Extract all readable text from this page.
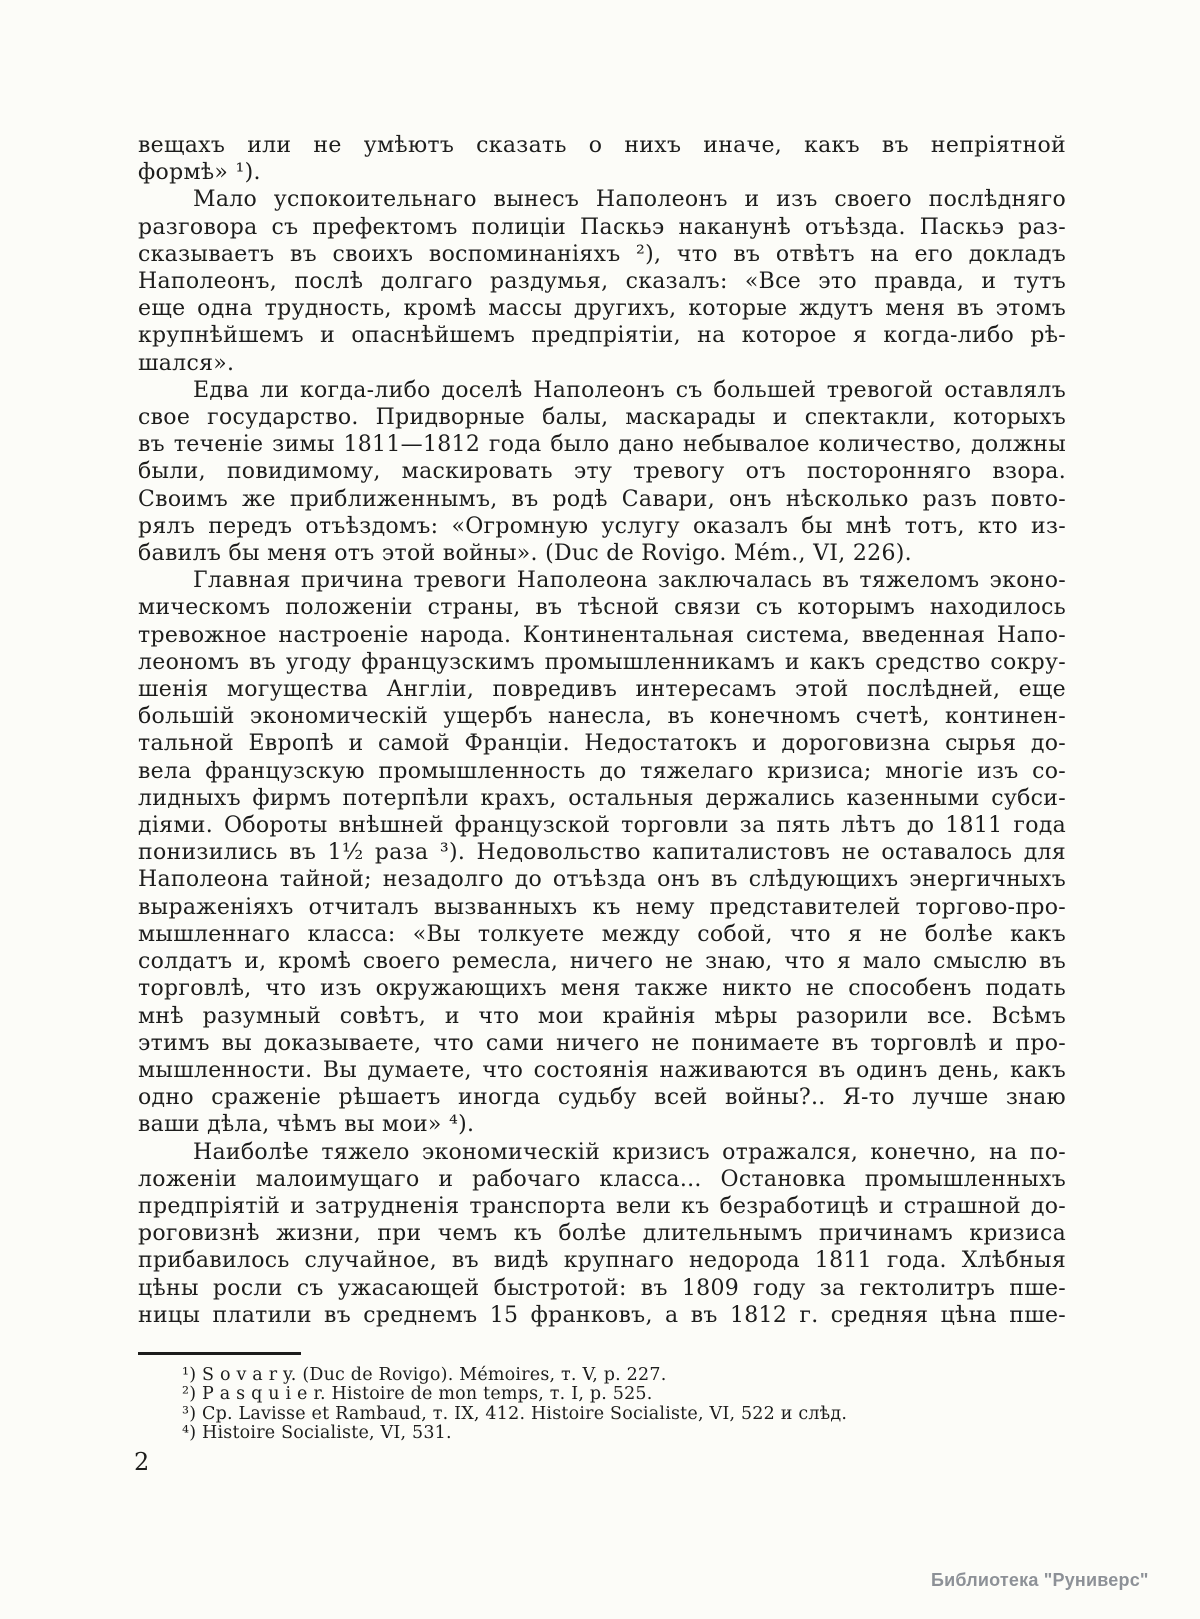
вещахъ или не умѣютъ сказать о нихъ иначе, какъ въ непріятной
формѣ» ¹).
Мало успокоительнаго вынесъ Наполеонъ и изъ своего послѣдняго
разговора съ префектомъ полиціи Паскьэ наканунѣ отъѣзда. Паскьэ раз-
сказываетъ въ своихъ воспоминаніяхъ ²), что въ отвѣтъ на его докладъ
Наполеонъ, послѣ долгаго раздумья, сказалъ: «Все это правда, и тутъ
еще одна трудность, кромѣ массы другихъ, которые ждутъ меня въ этомъ
крупнѣйшемъ и опаснѣйшемъ предпріятіи, на которое я когда-либо рѣ-
шался».
Едва ли когда-либо доселѣ Наполеонъ съ большей тревогой оставлялъ
свое государство. Придворные балы, маскарады и спектакли, которыхъ
въ теченіе зимы 1811—1812 года было дано небывалое количество, должны
были, повидимому, маскировать эту тревогу отъ посторонняго взора.
Своимъ же приближеннымъ, въ родѣ Савари, онъ нѣсколько разъ повто-
рялъ передъ отъѣздомъ: «Огромную услугу оказалъ бы мнѣ тотъ, кто из-
бавилъ бы меня отъ этой войны». (Duc de Rovigo. Mém., VI, 226).
Главная причина тревоги Наполеона заключалась въ тяжеломъ эконо-
мическомъ положеніи страны, въ тѣсной связи съ которымъ находилось
тревожное настроеніе народа. Континентальная система, введенная Напо-
леономъ въ угоду французскимъ промышленникамъ и какъ средство сокру-
шенія могущества Англіи, повредивъ интересамъ этой послѣдней, еще
большій экономическій ущербъ нанесла, въ конечномъ счетѣ, континен-
тальной Европѣ и самой Франціи. Недостатокъ и дороговизна сырья до-
вела французскую промышленность до тяжелаго кризиса; многіе изъ со-
лидныхъ фирмъ потерпѣли крахъ, остальныя держались казенными субси-
діями. Обороты внѣшней французской торговли за пять лѣтъ до 1811 года
понизились въ 1½ раза ³). Недовольство капиталистовъ не оставалось для
Наполеона тайной; незадолго до отъѣзда онъ въ слѣдующихъ энергичныхъ
выраженіяхъ отчиталъ вызванныхъ къ нему представителей торгово-про-
мышленнаго класса: «Вы толкуете между собой, что я не болѣе какъ
солдатъ и, кромѣ своего ремесла, ничего не знаю, что я мало смыслю въ
торговлѣ, что изъ окружающихъ меня также никто не способенъ подать
мнѣ разумный совѣтъ, и что мои крайнія мѣры разорили все. Всѣмъ
этимъ вы доказываете, что сами ничего не понимаете въ торговлѣ и про-
мышленности. Вы думаете, что состоянія наживаются въ одинъ день, какъ
одно сраженіе рѣшаетъ иногда судьбу всей войны?.. Я-то лучше знаю
ваши дѣла, чѣмъ вы мои» ⁴).
Наиболѣе тяжело экономическій кризисъ отражался, конечно, на по-
ложеніи малоимущаго и рабочаго класса... Остановка промышленныхъ
предпріятій и затрудненія транспорта вели къ безработицѣ и страшной до-
роговизнѣ жизни, при чемъ къ болѣе длительнымъ причинамъ кризиса
прибавилось случайное, въ видѣ крупнаго недорода 1811 года. Хлѣбныя
цѣны росли съ ужасающей быстротой: въ 1809 году за гектолитръ пше-
ницы платили въ среднемъ 15 франковъ, а въ 1812 г. средняя цѣна пше-
¹) S o v a r y. (Duc de Rovigo). Mémoires, т. V, p. 227.
²) P a s q u i e r. Histoire de mon temps, т. I, p. 525.
³) Ср. Lavisse et Rambaud, т. IX, 412. Histoire Socialiste, VI, 522 и слѣд.
⁴) Histoire Socialiste, VI, 531.
2
Библиотека "Руниверс"
